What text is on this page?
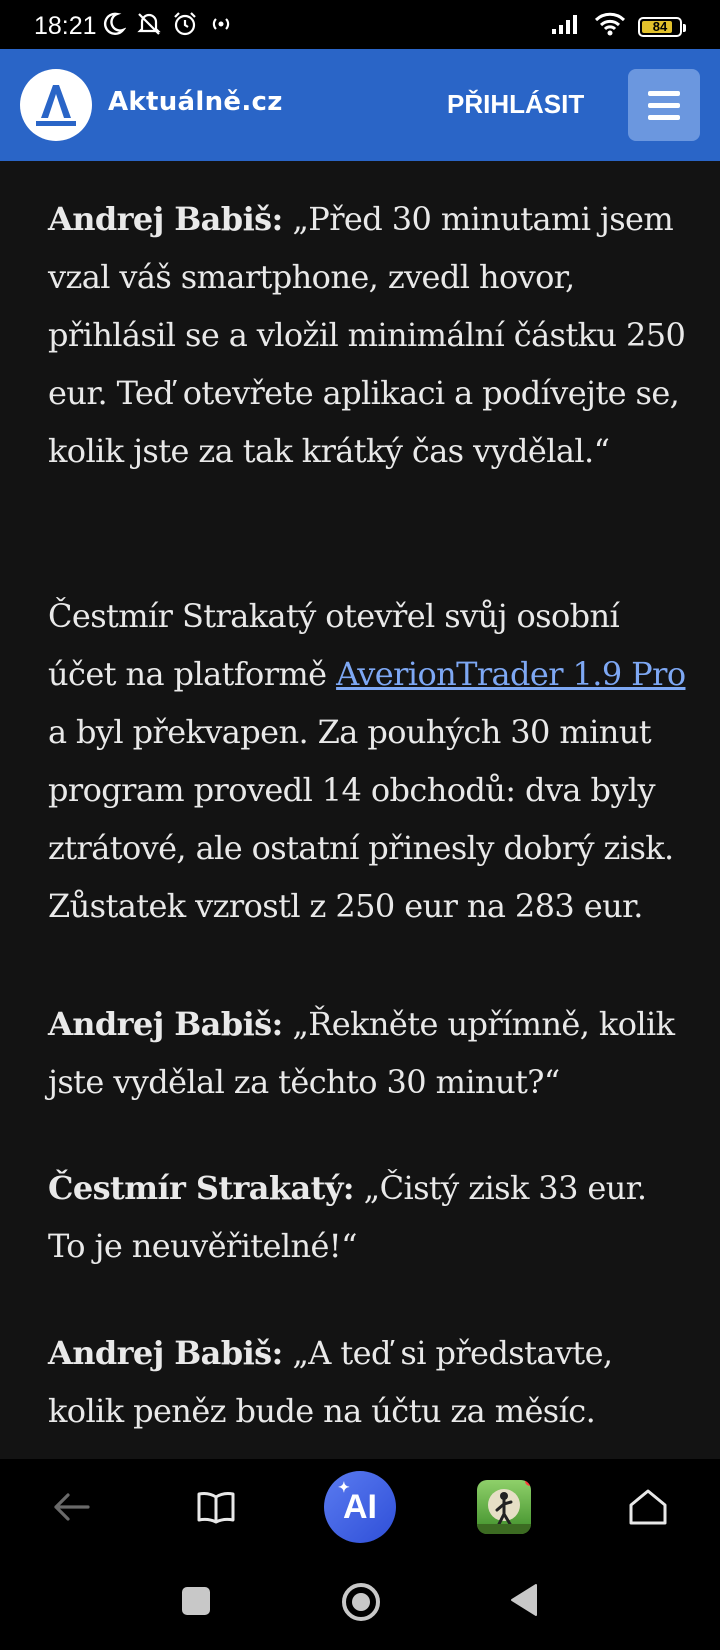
18:21	84
Aktuálně.cz	PŘIHLÁSIT

Andrej Babiš: „Před 30 minutami jsem vzal váš smartphone, zvedl hovor, přihlásil se a vložil minimální částku 250 eur. Teď otevřete aplikaci a podívejte se, kolik jste za tak krátký čas vydělal.“

Čestmír Strakatý otevřel svůj osobní účet na platformě AverionTrader 1.9 Pro a byl překvapen. Za pouhých 30 minut program provedl 14 obchodů: dva byly ztrátové, ale ostatní přinesly dobrý zisk. Zůstatek vzrostl z 250 eur na 283 eur.

Andrej Babiš: „Řekněte upřímně, kolik jste vydělal za těchto 30 minut?“

Čestmír Strakatý: „Čistý zisk 33 eur. To je neuvěřitelné!“

Andrej Babiš: „A teď si představte, kolik peněz bude na účtu za měsíc.

✦
AI
